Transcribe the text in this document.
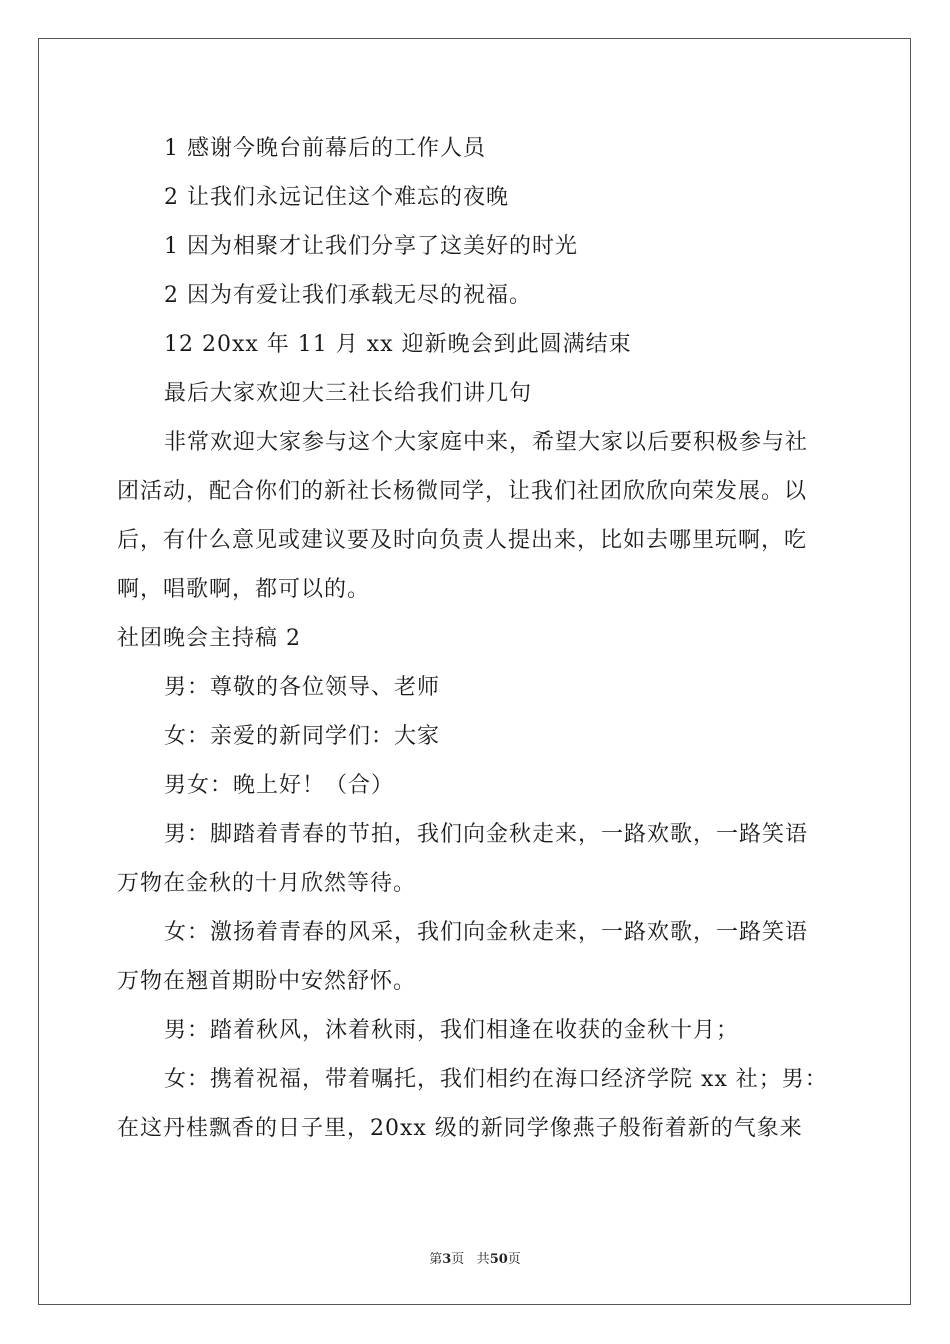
1 感谢今晚台前幕后的工作人员
2 让我们永远记住这个难忘的夜晚
1 因为相聚才让我们分享了这美好的时光
2 因为有爱让我们承载无尽的祝福。
12 20xx 年 11 月 xx 迎新晚会到此圆满结束
最后大家欢迎大三社长给我们讲几句
非常欢迎大家参与这个大家庭中来，希望大家以后要积极参与社
团活动，配合你们的新社长杨微同学，让我们社团欣欣向荣发展。以
后，有什么意见或建议要及时向负责人提出来，比如去哪里玩啊，吃
啊，唱歌啊，都可以的。
社团晚会主持稿 2
男：尊敬的各位领导、老师
女：亲爱的新同学们：大家
男女：晚上好！（合）
男：脚踏着青春的节拍，我们向金秋走来，一路欢歌，一路笑语
万物在金秋的十月欣然等待。
女：激扬着青春的风采，我们向金秋走来，一路欢歌，一路笑语
万物在翘首期盼中安然舒怀。
男：踏着秋风，沐着秋雨，我们相逢在收获的金秋十月；
女：携着祝福，带着嘱托，我们相约在海口经济学院 xx 社；男：
在这丹桂飘香的日子里，20xx 级的新同学像燕子般衔着新的气象来
第3页 共50页
